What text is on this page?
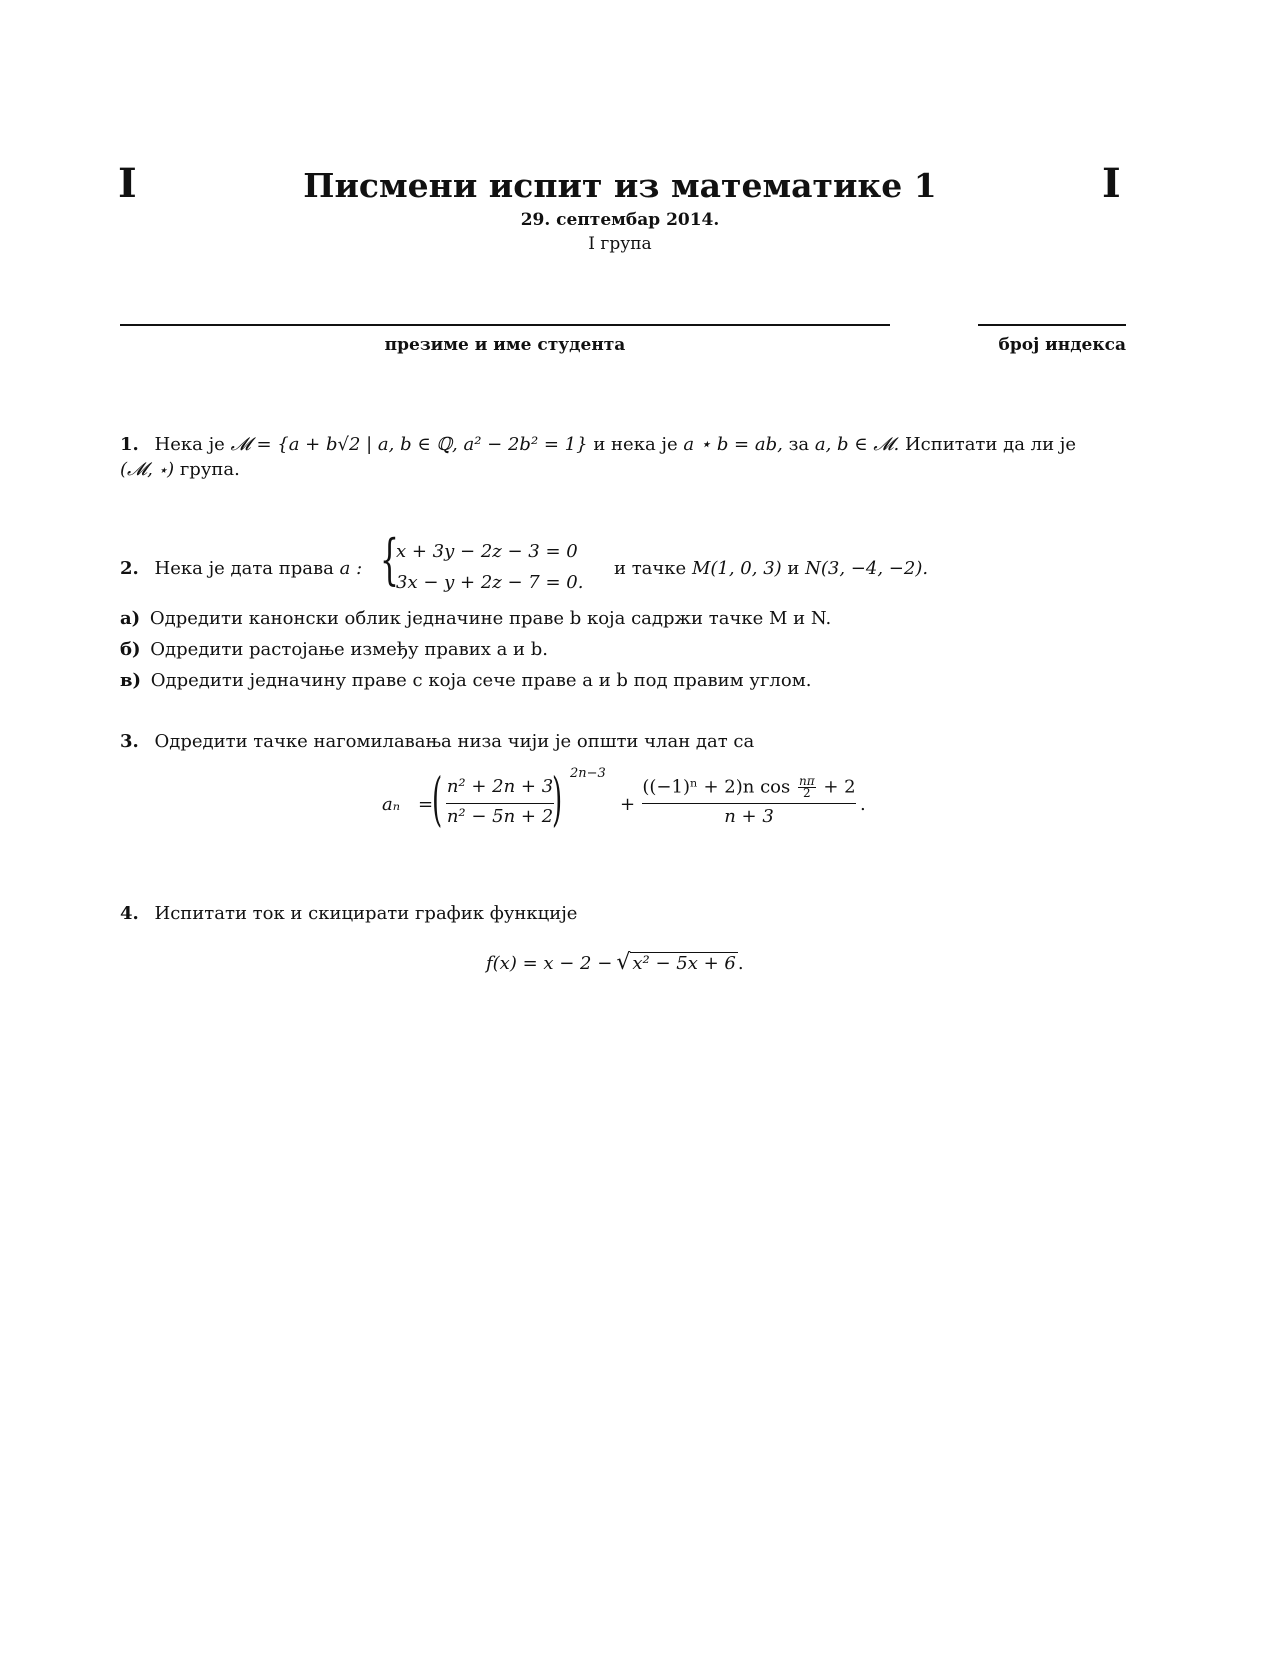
I	I
Писмени испит из математике 1
29. септембар 2014.
I група
презиме и име студента	број индекса
1. Нека је 𝓜 = {a + b√2 | a, b ∈ ℚ, a² − 2b² = 1} и нека је a ⋆ b = ab, за a, b ∈ 𝓜. Испитати да ли је
(𝓜, ⋆) група.
2. Нека је дата права a : {
x + 3y − 2z − 3 = 0
3x − y + 2z − 7 = 0.
и тачке M(1, 0, 3) и N(3, −4, −2).
а) Одредити канонски облик једначине праве b која садржи тачке M и N.
б) Одредити растојање између правих a и b.
в) Одредити једначину праве c која сече праве a и b под правим углом.
3. Одредити тачке нагомилавања низа чији је општи члан дат са
aₙ =
( n² + 2n + 3
n² − 5n + 2
) 2n−3
+
((−1)ⁿ + 2)n $\cos \frac{n\pi}{2} + 2$
n + 3
.
4. Испитати ток и скицирати график функције
f(x) = x − 2 − √ x² − 5x + 6 .
